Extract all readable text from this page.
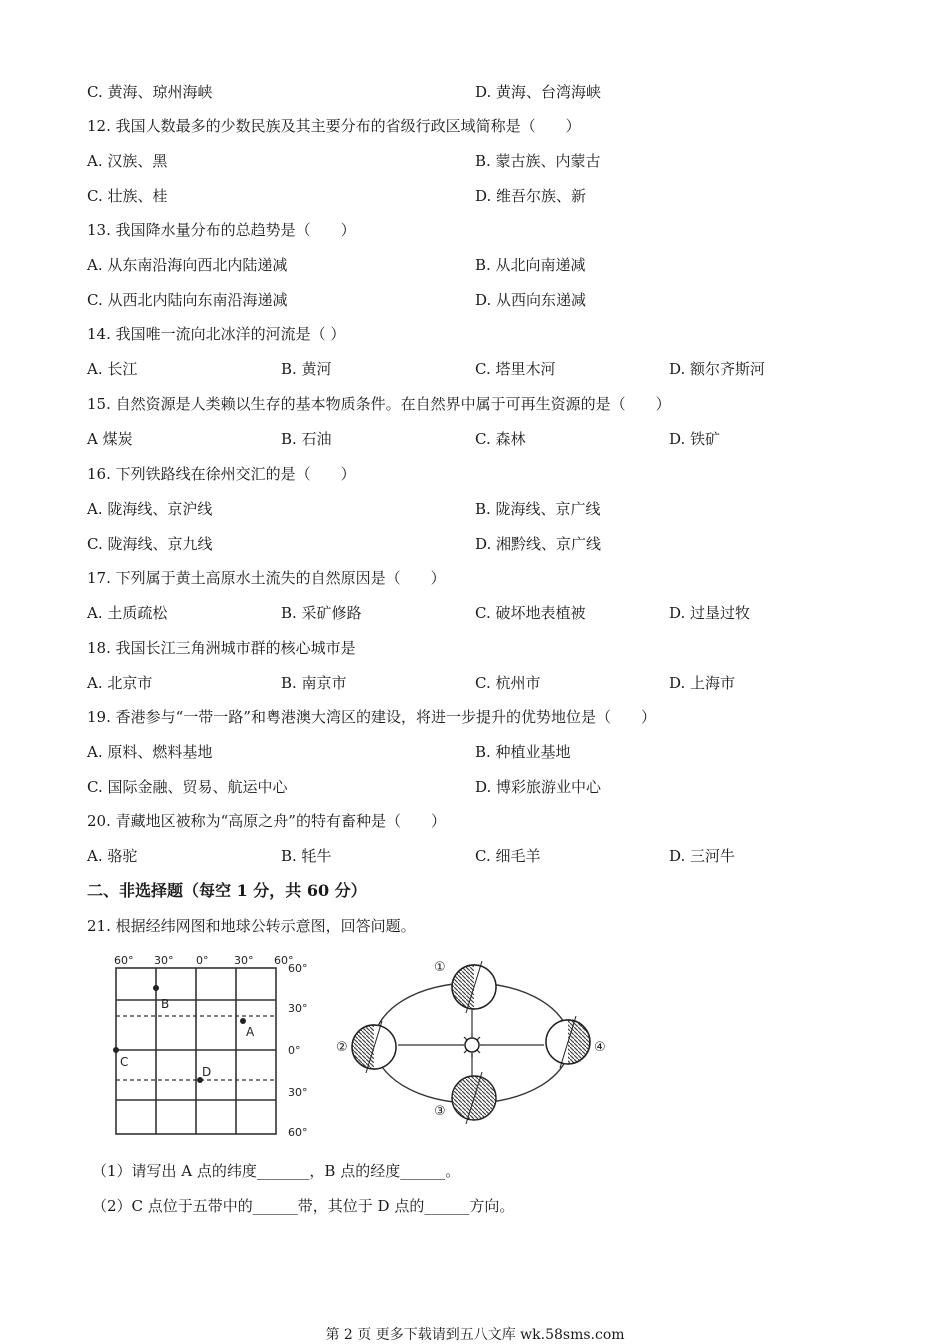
C. 黄海、琼州海峡	D. 黄海、台湾海峡
12. 我国人数最多的少数民族及其主要分布的省级行政区域简称是（　　）
A. 汉族、黑	B. 蒙古族、内蒙古
C. 壮族、桂	D. 维吾尔族、新
13. 我国降水量分布的总趋势是（　　）
A. 从东南沿海向西北内陆递减	B. 从北向南递减
C. 从西北内陆向东南沿海递减	D. 从西向东递减
14. 我国唯一流向北冰洋的河流是（ ）
A. 长江	B. 黄河	C. 塔里木河	D. 额尔齐斯河
15. 自然资源是人类赖以生存的基本物质条件。在自然界中属于可再生资源的是（　　）
A 煤炭	B. 石油	C. 森林	D. 铁矿
16. 下列铁路线在徐州交汇的是（　　）
A. 陇海线、京沪线	B. 陇海线、京广线
C. 陇海线、京九线	D. 湘黔线、京广线
17. 下列属于黄土高原水土流失的自然原因是（　　）
A. 土质疏松	B. 采矿修路	C. 破坏地表植被	D. 过垦过牧
18. 我国长江三角洲城市群的核心城市是
A. 北京市	B. 南京市	C. 杭州市	D. 上海市
19. 香港参与“一带一路”和粤港澳大湾区的建设，将进一步提升的优势地位是（　　）
A. 原料、燃料基地	B. 种植业基地
C. 国际金融、贸易、航运中心	D. 博彩旅游业中心
20. 青藏地区被称为“高原之舟”的特有畜种是（　　）
A. 骆驼	B. 牦牛	C. 细毛羊	D. 三河牛
二、非选择题（每空 1 分，共 60 分）
21. 根据经纬网图和地球公转示意图，回答问题。
60° 30° 0° 30° 60°
60°
30°
0°
30°
60°
B
A
C
D
①
②
③
④
（1）请写出 A 点的纬度_______，B 点的经度______。
（2）C 点位于五带中的______带，其位于 D 点的______方向。
第 2 页 更多下载请到五八文库 wk.58sms.com
